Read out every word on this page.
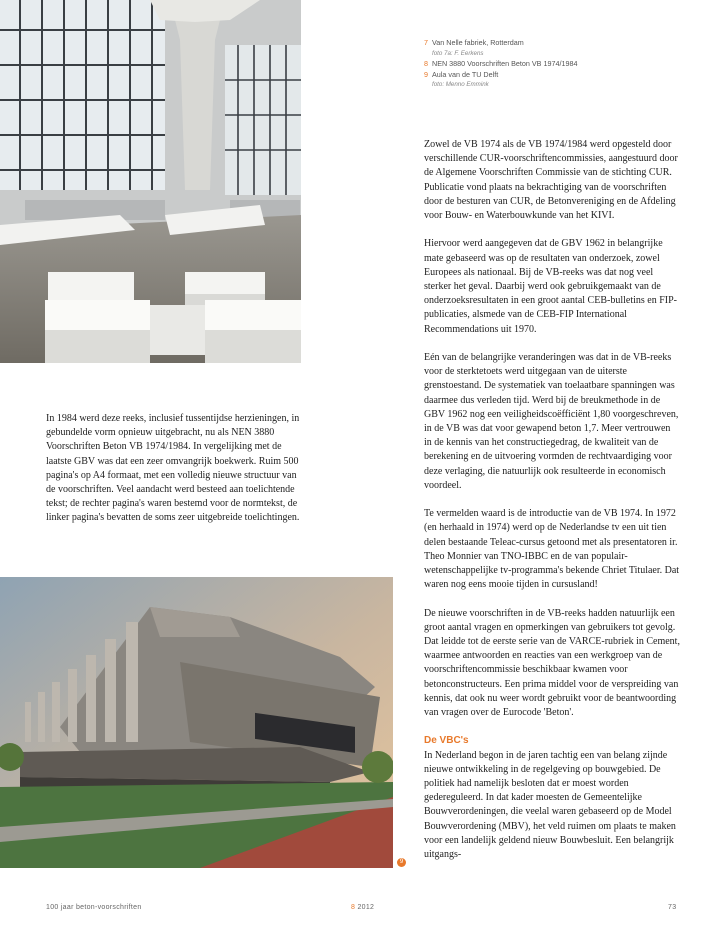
7 Van Nelle fabriek, Rotterdam
foto 7a: F. Eerkens
8 NEN 3880 Voorschriften Beton VB 1974/1984
9 Aula van de TU Delft
foto: Menno Emmink

In 1984 werd deze reeks, inclusief tussentijdse herzieningen, in gebundelde vorm opnieuw uitgebracht, nu als NEN 3880 Voorschriften Beton VB 1974/1984. In vergelijking met de laatste GBV was dat een zeer omvangrijk boekwerk. Ruim 500 pagina's op A4 formaat, met een volledig nieuwe structuur van de voorschriften. Veel aandacht werd besteed aan toelichtende tekst; de rechter pagina's waren bestemd voor de normtekst, de linker pagina's bevatten de soms zeer uitgebreide toelichtingen.

Zowel de VB 1974 als de VB 1974/1984 werd opgesteld door verschillende CUR-voorschriftencommissies, aangestuurd door de Algemene Voorschriften Commissie van de stichting CUR. Publicatie vond plaats na bekrachtiging van de voorschriften door de besturen van CUR, de Betonvereniging en de Afdeling voor Bouw- en Waterbouwkunde van het KIVI.

Hiervoor werd aangegeven dat de GBV 1962 in belangrijke mate gebaseerd was op de resultaten van onderzoek, zowel Europees als nationaal. Bij de VB-reeks was dat nog veel sterker het geval. Daarbij werd ook gebruikgemaakt van de onderzoeksresultaten in een groot aantal CEB-bulletins en FIP-publicaties, alsmede van de CEB-FIP International Recommendations uit 1970.

Eén van de belangrijke veranderingen was dat in de VB-reeks voor de sterktetoets werd uitgegaan van de uiterste grenstoestand. De systematiek van toelaatbare spanningen was daarmee dus verleden tijd. Werd bij de breukmethode in de GBV 1962 nog een veiligheidscoëfficiënt 1,80 voorgeschreven, in de VB was dat voor gewapend beton 1,7. Meer vertrouwen in de kennis van het constructiegedrag, de kwaliteit van de berekening en de uitvoering vormden de rechtvaardiging voor deze verlaging, die natuurlijk ook resulteerde in economisch voordeel.

Te vermelden waard is de introductie van de VB 1974. In 1972 (en herhaald in 1974) werd op de Nederlandse tv een uit tien delen bestaande Teleac-cursus getoond met als presentatoren ir. Theo Monnier van TNO-IBBC en de van populair-wetenschappelijke tv-programma's bekende Chriet Titulaer. Dat waren nog eens mooie tijden in cursusland!

De nieuwe voorschriften in de VB-reeks hadden natuurlijk een groot aantal vragen en opmerkingen van gebruikers tot gevolg. Dat leidde tot de eerste serie van de VARCE-rubriek in Cement, waarmee antwoorden en reacties van een werkgroep van de voorschriftencommissie beschikbaar kwamen voor betonconstructeurs. Een prima middel voor de verspreiding van kennis, dat ook nu weer wordt gebruikt voor de beantwoording van vragen over de Eurocode 'Beton'.

De VBC's

In Nederland begon in de jaren tachtig een van belang zijnde nieuwe ontwikkeling in de regelgeving op bouwgebied. De politiek had namelijk besloten dat er moest worden gedereguleerd. In dat kader moesten de Gemeentelijke Bouwverordeningen, die veelal waren gebaseerd op de Model Bouwverordening (MBV), het veld ruimen om plaats te maken voor een landelijk geldend nieuw Bouwbesluit. Een belangrijk uitgangs-

9
100 jaar beton-voorschriften	8 2012	73
